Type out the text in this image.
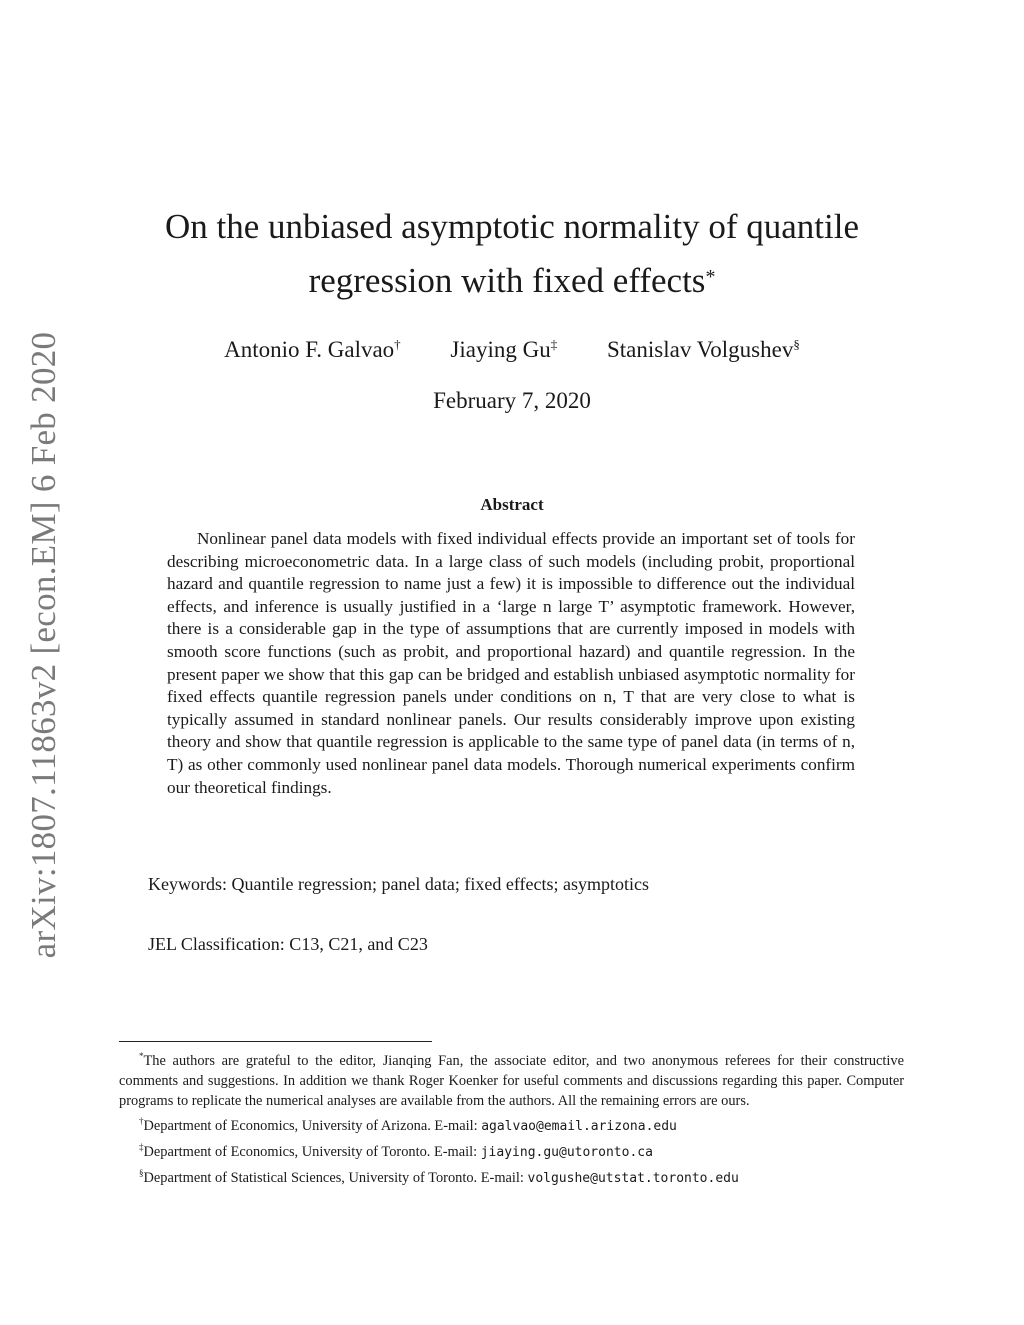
arXiv:1807.11863v2 [econ.EM] 6 Feb 2020
On the unbiased asymptotic normality of quantile regression with fixed effects*
Antonio F. Galvao† Jiaying Gu‡ Stanislav Volgushev§
February 7, 2020
Abstract

Nonlinear panel data models with fixed individual effects provide an important set of tools for describing microeconometric data. In a large class of such models (including probit, proportional hazard and quantile regression to name just a few) it is impossible to difference out the individual effects, and inference is usually justified in a ‘large n large T’ asymptotic framework. However, there is a considerable gap in the type of assumptions that are currently imposed in models with smooth score functions (such as probit, and proportional hazard) and quantile regression. In the present paper we show that this gap can be bridged and establish unbiased asymptotic normality for fixed effects quantile regression panels under conditions on n, T that are very close to what is typically assumed in standard nonlinear panels. Our results considerably improve upon existing theory and show that quantile regression is applicable to the same type of panel data (in terms of n, T) as other commonly used nonlinear panel data models. Thorough numerical experiments confirm our theoretical findings.

Keywords: Quantile regression; panel data; fixed effects; asymptotics
JEL Classification: C13, C21, and C23

*The authors are grateful to the editor, Jianqing Fan, the associate editor, and two anonymous referees for their constructive comments and suggestions. In addition we thank Roger Koenker for useful comments and discussions regarding this paper. Computer programs to replicate the numerical analyses are available from the authors. All the remaining errors are ours.

†Department of Economics, University of Arizona. E-mail: agalvao@email.arizona.edu

‡Department of Economics, University of Toronto. E-mail: jiaying.gu@utoronto.ca

§Department of Statistical Sciences, University of Toronto. E-mail: volgushe@utstat.toronto.edu
